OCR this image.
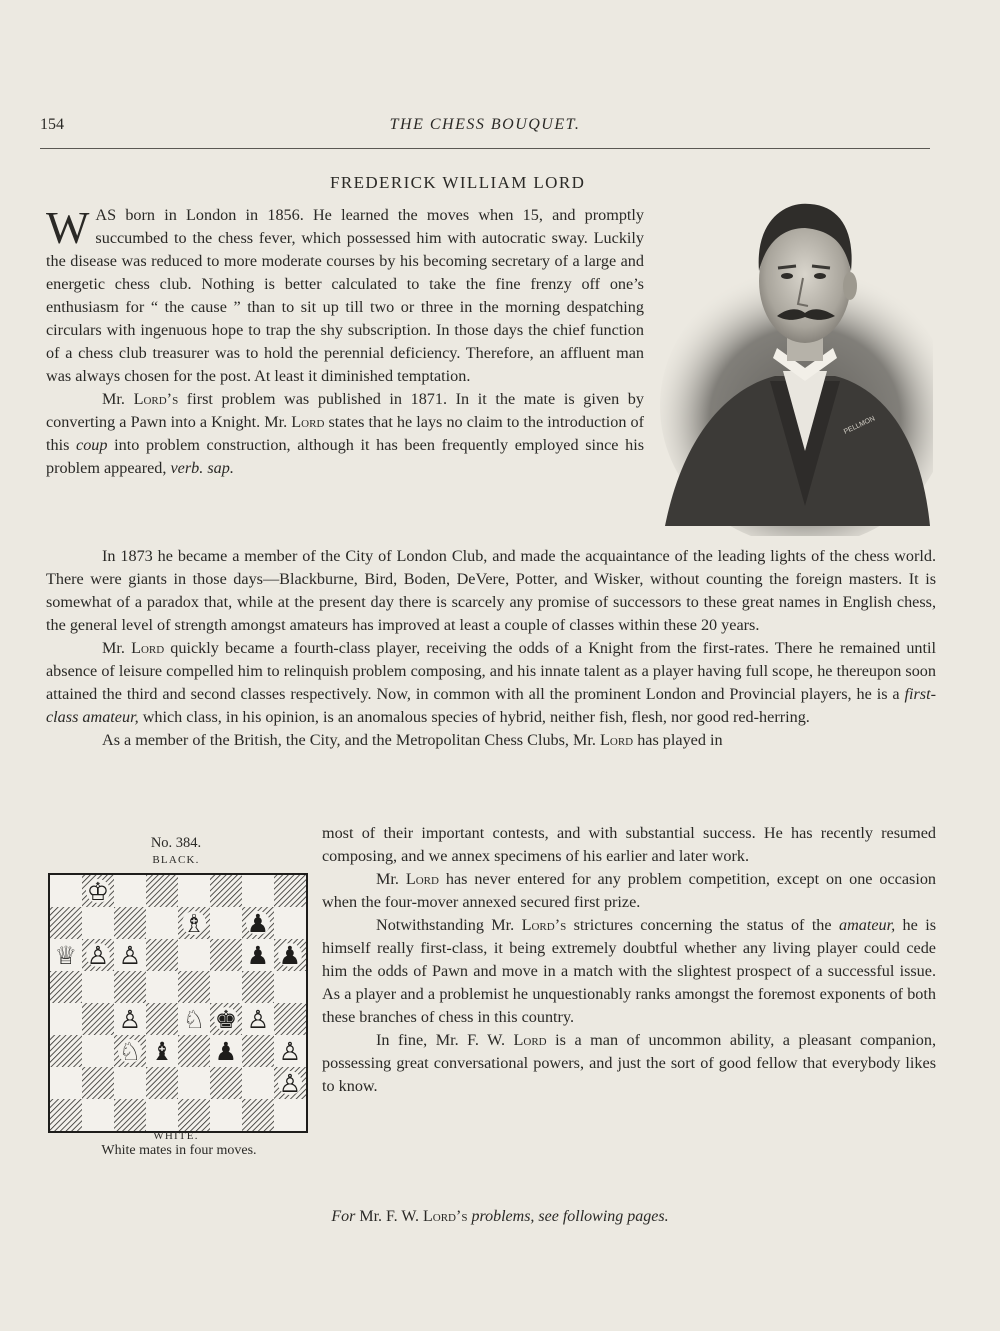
154	THE CHESS BOUQUET.
FREDERICK WILLIAM LORD

WAS born in London in 1856. He learned the moves when 15, and promptly succumbed to the chess fever, which possessed him with autocratic sway. Luckily the disease was reduced to more moderate courses by his becoming secretary of a large and energetic chess club. Nothing is better calculated to take the fine frenzy off one’s enthusiasm for “ the cause ” than to sit up till two or three in the morning despatching circulars with ingenuous hope to trap the shy subscription. In those days the chief function of a chess club treasurer was to hold the perennial deficiency. Therefore, an affluent man was always chosen for the post. At least it diminished temptation.

Mr. Lord’s first problem was published in 1871. In it the mate is given by converting a Pawn into a Knight. Mr. Lord states that he lays no claim to the introduction of this coup into problem construction, although it has been frequently employed since his problem appeared, verb. sap.

PELLMON

In 1873 he became a member of the City of London Club, and made the acquaintance of the leading lights of the chess world. There were giants in those days—Blackburne, Bird, Boden, DeVere, Potter, and Wisker, without counting the foreign masters. It is somewhat of a paradox that, while at the present day there is scarcely any promise of successors to these great names in English chess, the general level of strength amongst amateurs has improved at least a couple of classes within these 20 years.

Mr. Lord quickly became a fourth-class player, receiving the odds of a Knight from the first-rates. There he remained until absence of leisure compelled him to relinquish problem composing, and his innate talent as a player having full scope, he thereupon soon attained the third and second classes respectively. Now, in common with all the prominent London and Provincial players, he is a first-class amateur, which class, in his opinion, is an anomalous species of hybrid, neither fish, flesh, nor good red-herring.

As a member of the British, the City, and the Metropolitan Chess Clubs, Mr. Lord has played in

most of their important contests, and with substantial success. He has recently resumed composing, and we annex specimens of his earlier and later work.

Mr. Lord has never entered for any problem competition, except on one occasion when the four-mover annexed secured first prize.

Notwithstanding Mr. Lord’s strictures concerning the status of the amateur, he is himself really first-class, it being extremely doubtful whether any living player could cede him the odds of Pawn and move in a match with the slightest prospect of a successful issue. As a player and a problemist he unquestionably ranks amongst the foremost exponents of both these branches of chess in this country.

In fine, Mr. F. W. Lord is a man of uncommon ability, a pleasant companion, possessing great conversational powers, and just the sort of good fellow that everybody likes to know.

No. 384.
BLACK.
♔
♗ ♟
♕ ♙ ♙	♟ ♟
♙ ♘ ♚ ♙
♘ ♝ ♟ ♙
♙
WHITE.
White mates in four moves.
For Mr. F. W. Lord’s problems, see following pages.
